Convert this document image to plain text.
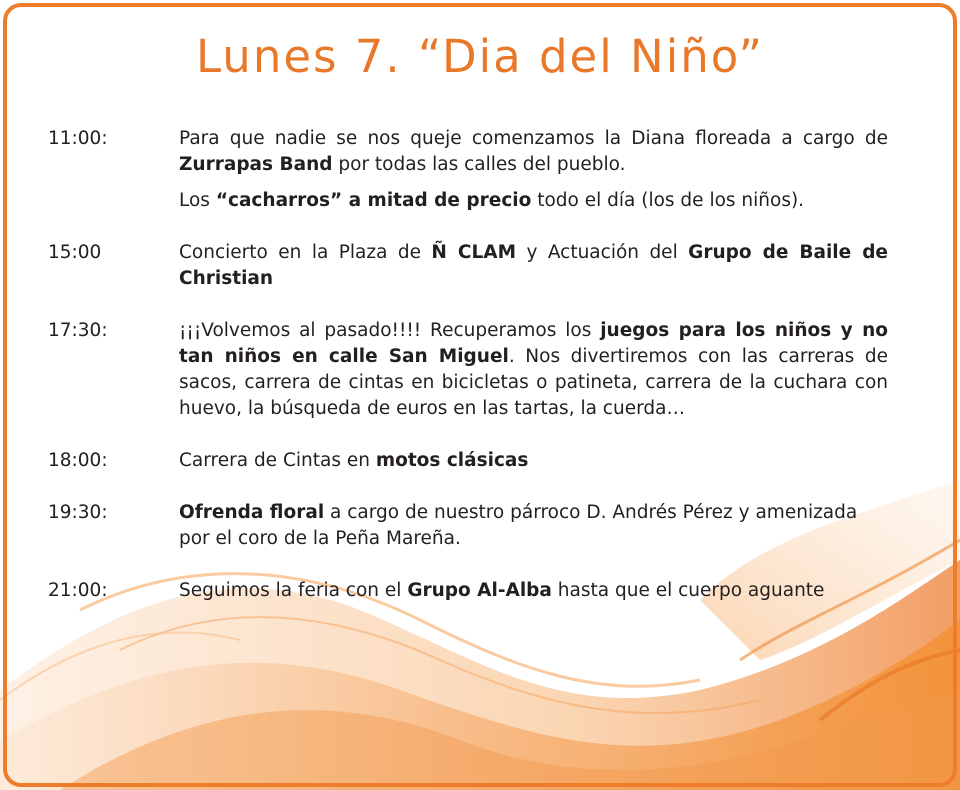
Lunes 7. “Dia del Niño”
11:00:	Para que nadie se nos queje comenzamos la Diana floreada a cargo de Zurrapas Band por todas las calles del pueblo.

Los “cacharros” a mitad de precio todo el día (los de los niños).

15:00	Concierto en la Plaza de Ñ CLAM y Actuación del Grupo de Baile de Christian

17:30:	¡¡¡Volvemos al pasado!!!! Recuperamos los juegos para los niños y no tan niños en calle San Miguel. Nos divertiremos con las carreras de sacos, carrera de cintas en bicicletas o patineta, carrera de la cuchara con huevo, la búsqueda de euros en las tartas, la cuerda…

18:00:	Carrera de Cintas en motos clásicas

19:30:	Ofrenda floral a cargo de nuestro párroco D. Andrés Pérez y amenizada por el coro de la Peña Mareña.

21:00:	Seguimos la feria con el Grupo Al-Alba hasta que el cuerpo aguante
